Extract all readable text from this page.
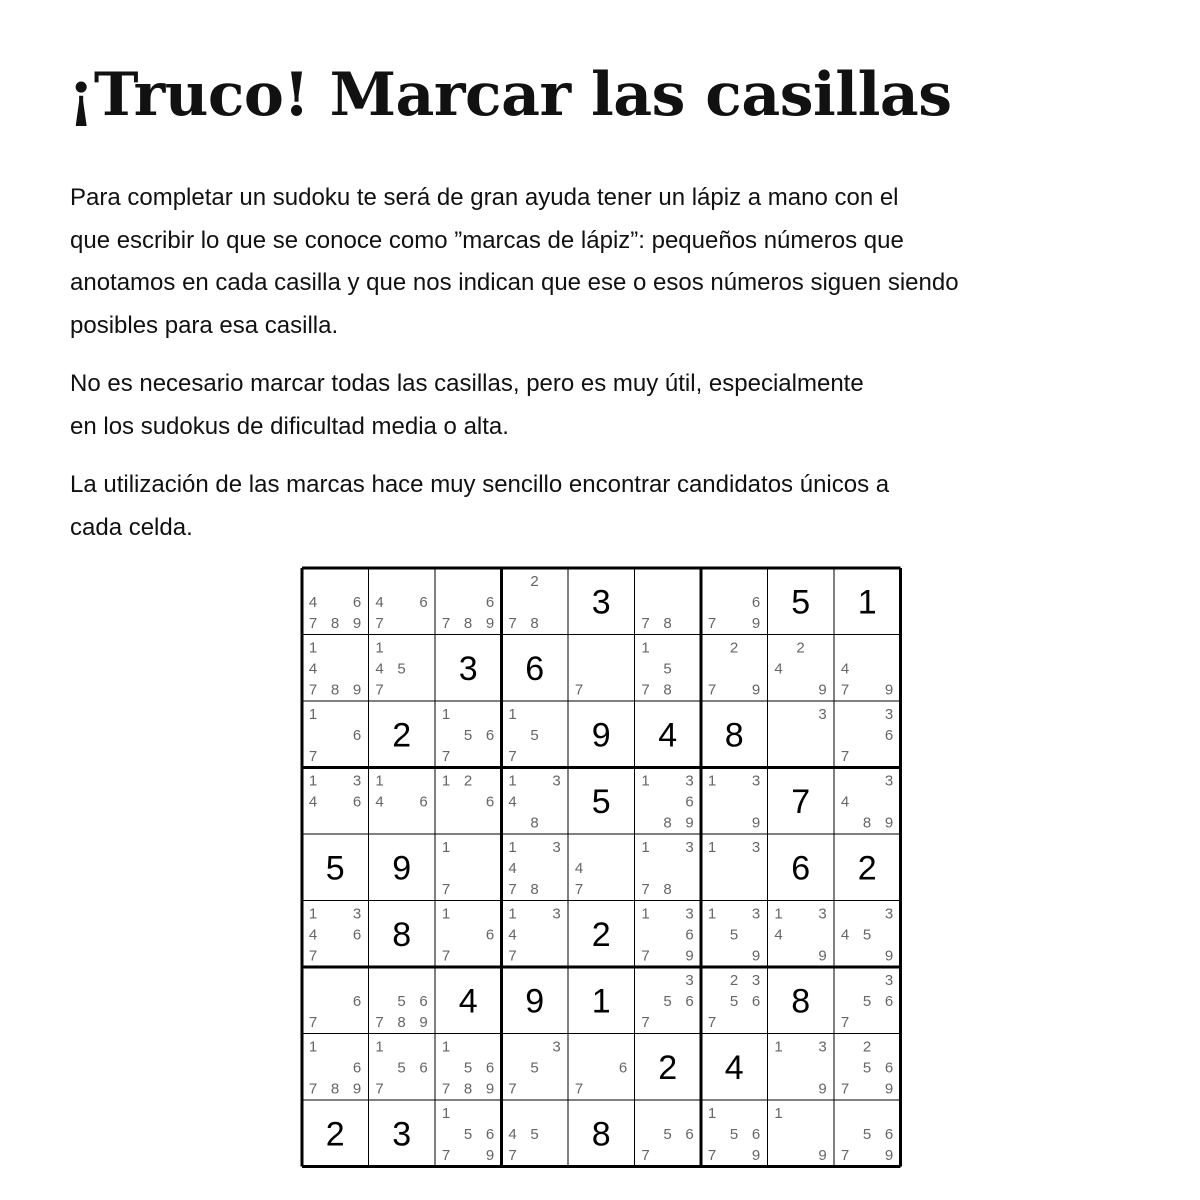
¡Truco! Marcar las casillas

Para completar un sudoku te será de gran ayuda tener un lápiz a mano con el
que escribir lo que se conoce como ”marcas de lápiz”: pequeños números que
anotamos en cada casilla y que nos indican que ese o esos números siguen siendo
posibles para esa casilla.

No es necesario marcar todas las casillas, pero es muy útil, especialmente
en los sudokus de dificultad media o alta.

La utilización de las marcas hace muy sencillo encontrar candidatos únicos a
cada celda.

4 6
7 8 9
4 6
7
6
7 8 9
2
7 8
3
7 8
6
7 9
5 1
1
4
7 8 9
1
4 5
7
3 6
7
1
5
7 8
2
7 9
2
4
9
4
7 9
1
6
7
2
1
5 6
7
1
5
7
9 4 8
3	3
6
7
1 3
4 6
1
4 6
1 2
6
1 3
4
8
5
1 3
6
8 9
1 3
9
7
3
4
8 9
5 9
1
7
1 3
4
7 8
4
7
1 3
7 8
1 3
6 2
1 3
4 6
7
8
1
6
7
1 3
4
7
2
1 3
6
7 9
1 3
5
9
1 3
4
9
3
4 5
9
6
7
5 6
7 8 9
4 9 1
3
5 6
7
2 3
5 6
7
8
3
5 6
7
1
6
7 8 9
1
5 6
7
1
5 6
7 8 9
3
5
7
6
7
2 4
1 3
9
2
5 6
7 9
2 3
1
5 6
7 9
4 5
7
8	5 6
7
1
5 6
7 9
1
9
5 6
7 9
